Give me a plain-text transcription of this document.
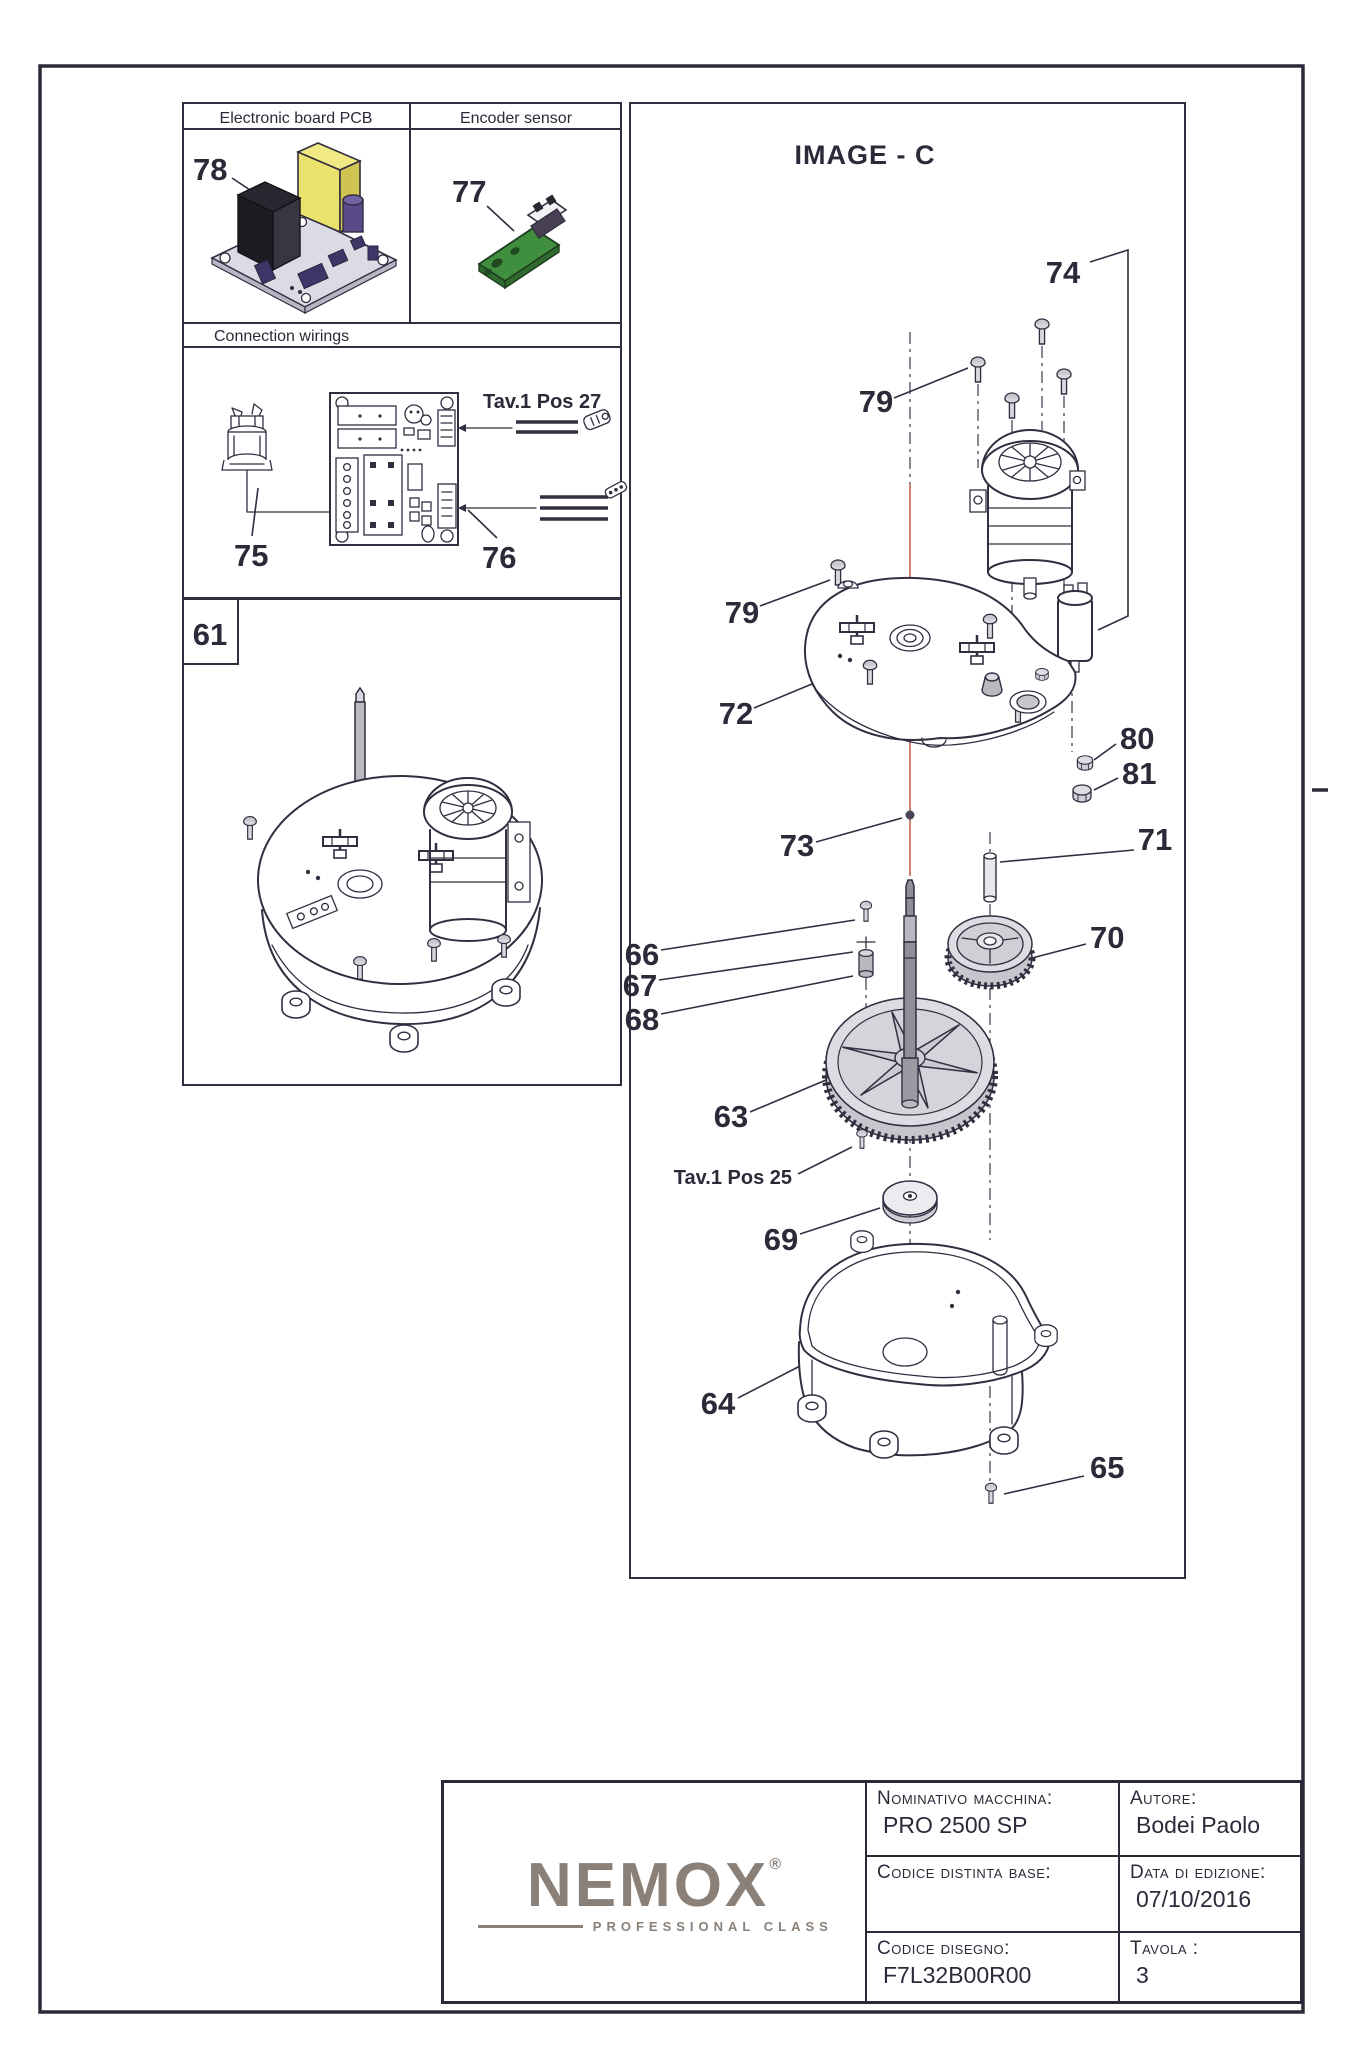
Electronic board PCB
78
Encoder sensor
77
Connection wirings
75
Tav.1 Pos 27
76
61
IMAGE - C
74
79
79
72
80
81
73	71
66
67
68
70
63
Tav.1 Pos 25
69
64
65
NEMOX ®
PROFESSIONAL CLASS
Nominativo macchina:
PRO 2500 SP
Autore:
Bodei Paolo
Codice distinta base:	Data di edizione:
07/10/2016
Codice disegno:
F7L32B00R00
Tavola :
3
